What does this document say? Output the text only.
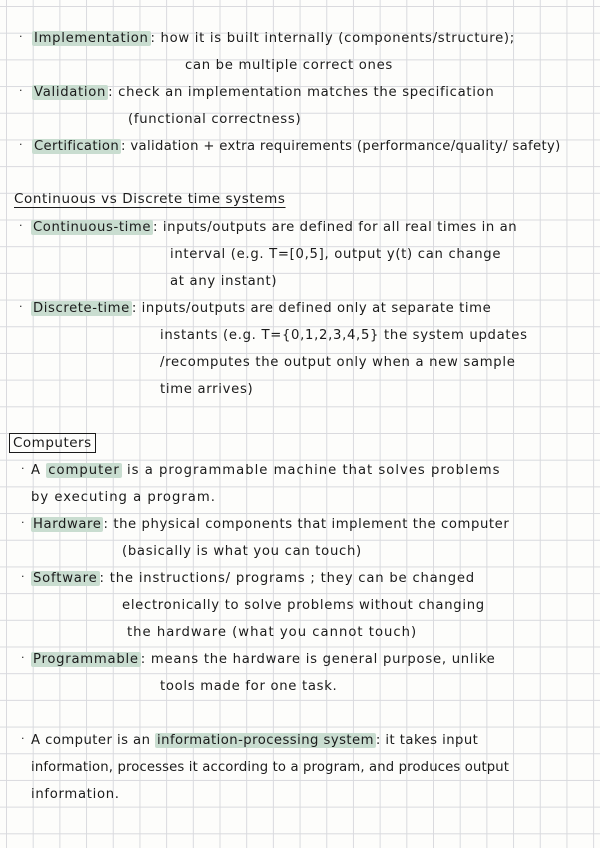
· Implementation : how it is built internally (components/structure);
can be multiple correct ones
· Validation : check an implementation matches the specification
(functional correctness)
· Certification : validation + extra requirements (performance/quality/ safety)
Continuous vs Discrete time systems
· Continuous-time : inputs/outputs are defined for all real times in an
interval (e.g. T=[0,5], output y(t) can change
at any instant)
· Discrete-time : inputs/outputs are defined only at separate time
instants (e.g. T={0,1,2,3,4,5} the system updates
/recomputes the output only when a new sample
time arrives)
Computers
· A computer is a programmable machine that solves problems
by executing a program.
· Hardware : the physical components that implement the computer
(basically is what you can touch)
· Software : the instructions/ programs ; they can be changed
electronically to solve problems without changing
the hardware (what you cannot touch)
· Programmable : means the hardware is general purpose, unlike
tools made for one task.
· A computer is an information-processing system : it takes input
information, processes it according to a program, and produces output
information.
